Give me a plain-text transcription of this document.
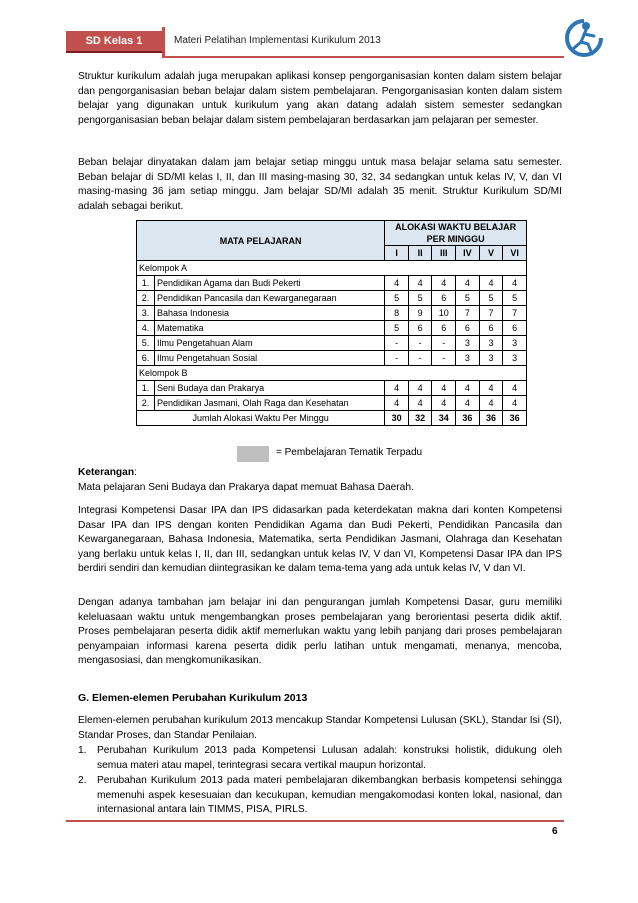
SD Kelas 1	Materi Pelatihan Implementasi Kurikulum 2013

Struktur kurikulum adalah juga merupakan aplikasi konsep pengorganisasian konten dalam sistem belajar dan pengorganisasian beban belajar dalam sistem pembelajaran. Pengorganisasian konten dalam sistem belajar yang digunakan untuk kurikulum yang akan datang adalah sistem semester sedangkan pengorganisasian beban belajar dalam sistem pembelajaran berdasarkan jam pelajaran per semester.

Beban belajar dinyatakan dalam jam belajar setiap minggu untuk masa belajar selama satu semester. Beban belajar di SD/MI kelas I, II, dan III masing-masing 30, 32, 34 sedangkan untuk kelas IV, V, dan VI masing-masing 36 jam setiap minggu. Jam belajar SD/MI adalah 35 menit. Struktur Kurikulum SD/MI adalah sebagai berikut.

MATA PELAJARAN		ALOKASI WAKTU BELAJAR PER MINGGU					
		I	II	III	IV	V	VI
Kelompok A							
1.	Pendidikan Agama dan Budi Pekerti	4	4	4	4	4	4
2.	Pendidikan Pancasila dan Kewarganegaraan	5	5	6	5	5	5
3.	Bahasa Indonesia	8	9	10	7	7	7
4.	Matematika	5	6	6	6	6	6
5.	Ilmu Pengetahuan Alam	-	-	-	3	3	3
6.	Ilmu Pengetahuan Sosial	-	-	-	3	3	3
Kelompok B							
1.	Seni Budaya dan Prakarya	4	4	4	4	4	4
2.	Pendidikan Jasmani, Olah Raga dan Kesehatan	4	4	4	4	4	4
Jumlah Alokasi Waktu Per Minggu		30	32	34	36	36	36
= Pembelajaran Tematik Terpadu
Keterangan:
Mata pelajaran Seni Budaya dan Prakarya dapat memuat Bahasa Daerah.

Integrasi Kompetensi Dasar IPA dan IPS didasarkan pada keterdekatan makna dari konten Kompetensi Dasar IPA dan IPS dengan konten Pendidikan Agama dan Budi Pekerti, Pendidikan Pancasila dan Kewarganegaraan, Bahasa Indonesia, Matematika, serta Pendidikan Jasmani, Olahraga dan Kesehatan yang berlaku untuk kelas I, II, dan III, sedangkan untuk kelas IV, V dan VI, Kompetensi Dasar IPA dan IPS berdiri sendiri dan kemudian diintegrasikan ke dalam tema-tema yang ada untuk kelas IV, V dan VI.

Dengan adanya tambahan jam belajar ini dan pengurangan jumlah Kompetensi Dasar, guru memiliki keleluasaan waktu untuk mengembangkan proses pembelajaran yang berorientasi peserta didik aktif. Proses pembelajaran peserta didik aktif memerlukan waktu yang lebih panjang dari proses pembelajaran penyampaian informasi karena peserta didik perlu latihan untuk mengamati, menanya, mencoba, mengasosiasi, dan mengkomunikasikan.

G. Elemen-elemen Perubahan Kurikulum 2013

Elemen-elemen perubahan kurikulum 2013 mencakup Standar Kompetensi Lulusan (SKL), Standar Isi (SI), Standar Proses, dan Standar Penilaian.

1. Perubahan Kurikulum 2013 pada Kompetensi Lulusan adalah: konstruksi holistik, didukung oleh semua materi atau mapel, terintegrasi secara vertikal maupun horizontal.
2. Perubahan Kurikulum 2013 pada materi pembelajaran dikembangkan berbasis kompetensi sehingga memenuhi aspek kesesuaian dan kecukupan, kemudian mengakomodasi konten lokal, nasional, dan internasional antara lain TIMMS, PISA, PIRLS.
6
